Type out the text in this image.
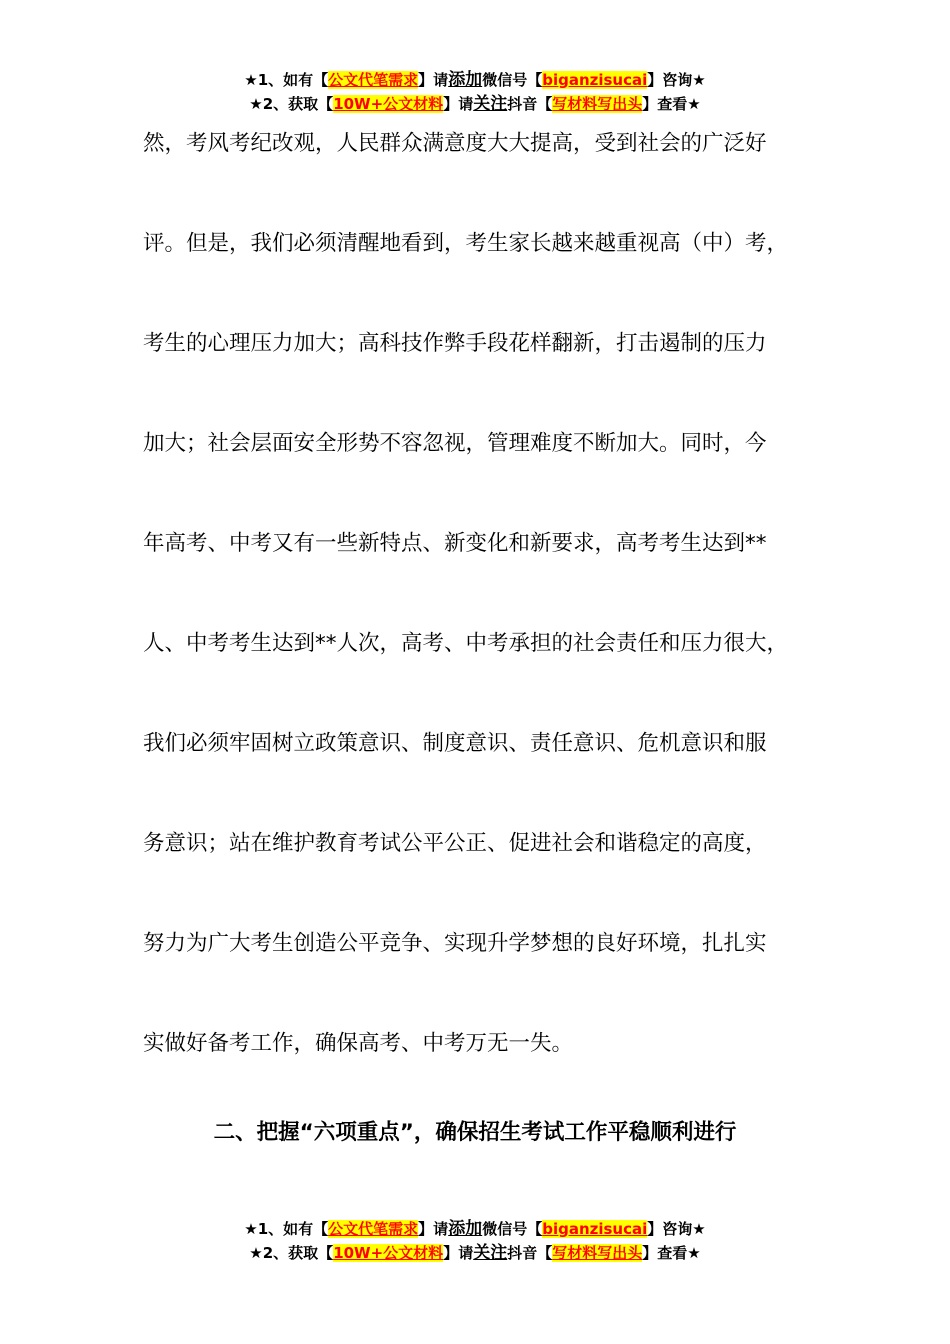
★1、如有【公文代笔需求】请添加微信号【biganzisucai】咨询★
★2、获取【10W+公文材料】请关注抖音【写材料写出头】查看★
然，考风考纪改观，人民群众满意度大大提高，受到社会的广泛好
评。但是，我们必须清醒地看到，考生家长越来越重视高（中）考，
考生的心理压力加大；高科技作弊手段花样翻新，打击遏制的压力
加大；社会层面安全形势不容忽视，管理难度不断加大。同时，今
年高考、中考又有一些新特点、新变化和新要求，高考考生达到**
人、中考考生达到**人次，高考、中考承担的社会责任和压力很大，
我们必须牢固树立政策意识、制度意识、责任意识、危机意识和服
务意识；站在维护教育考试公平公正、促进社会和谐稳定的高度，
努力为广大考生创造公平竞争、实现升学梦想的良好环境，扎扎实
实做好备考工作，确保高考、中考万无一失。
二、把握“六项重点”，确保招生考试工作平稳顺利进行
★1、如有【公文代笔需求】请添加微信号【biganzisucai】咨询★
★2、获取【10W+公文材料】请关注抖音【写材料写出头】查看★
